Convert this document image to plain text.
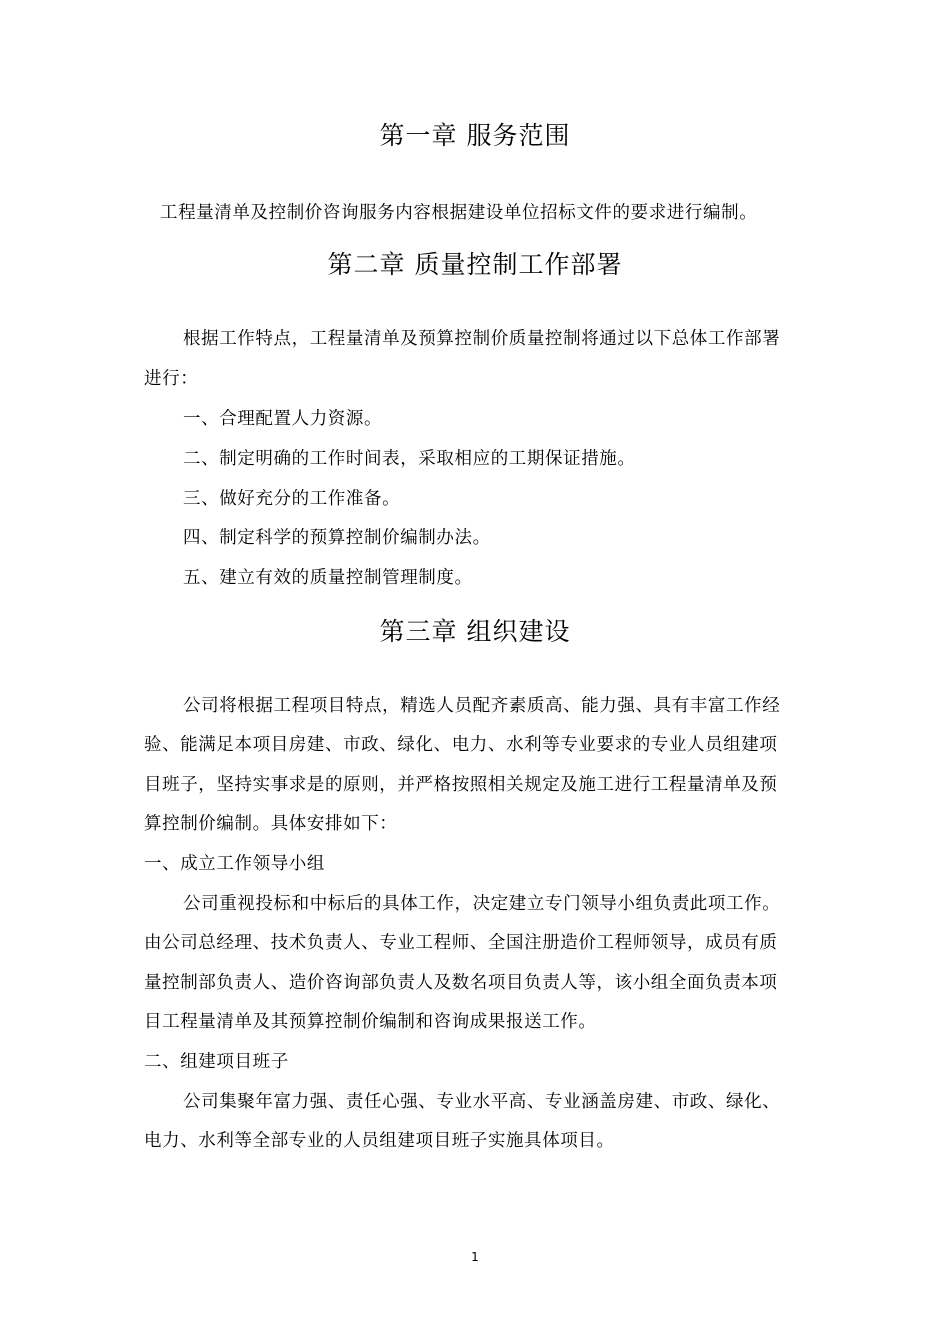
第一章 服务范围
工程量清单及控制价咨询服务内容根据建设单位招标文件的要求进行编制。
第二章 质量控制工作部署
根据工作特点，工程量清单及预算控制价质量控制将通过以下总体工作部署
进行：
一、合理配置人力资源。
二、制定明确的工作时间表，采取相应的工期保证措施。
三、做好充分的工作准备。
四、制定科学的预算控制价编制办法。
五、建立有效的质量控制管理制度。
第三章 组织建设
公司将根据工程项目特点，精选人员配齐素质高、能力强、具有丰富工作经
验、能满足本项目房建、市政、绿化、电力、水利等专业要求的专业人员组建项
目班子，坚持实事求是的原则，并严格按照相关规定及施工进行工程量清单及预
算控制价编制。具体安排如下：
一、成立工作领导小组
公司重视投标和中标后的具体工作，决定建立专门领导小组负责此项工作。
由公司总经理、技术负责人、专业工程师、全国注册造价工程师领导，成员有质
量控制部负责人、造价咨询部负责人及数名项目负责人等，该小组全面负责本项
目工程量清单及其预算控制价编制和咨询成果报送工作。
二、组建项目班子
公司集聚年富力强、责任心强、专业水平高、专业涵盖房建、市政、绿化、
电力、水利等全部专业的人员组建项目班子实施具体项目。
1
